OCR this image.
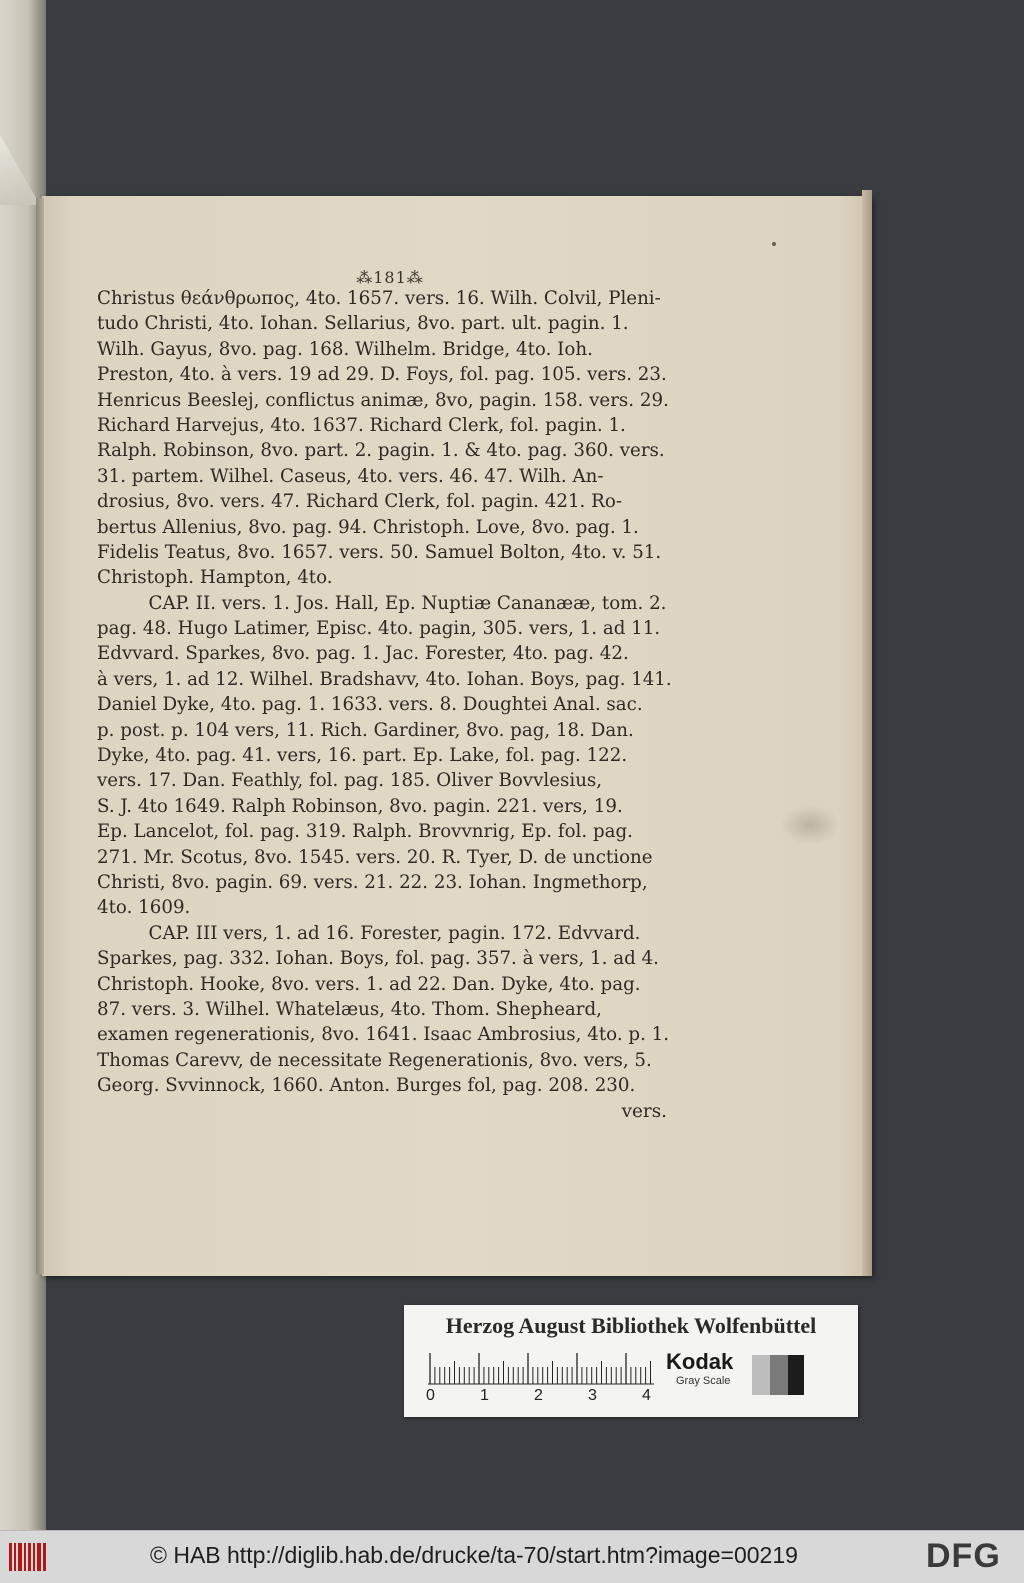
⁂181⁂
Christus θεάνθρωπος, 4to. 1657. vers. 16. Wilh. Colvil, Pleni-
tudo Christi, 4to. Iohan. Sellarius, 8vo. part. ult. pagin. 1.
Wilh. Gayus, 8vo. pag. 168. Wilhelm. Bridge, 4to. Ioh.
Preston, 4to. à vers. 19 ad 29. D. Foys, fol. pag. 105. vers. 23.
Henricus Beeslej, conflictus animæ, 8vo, pagin. 158. vers. 29.
Richard Harvejus, 4to. 1637. Richard Clerk, fol. pagin. 1.
Ralph. Robinson, 8vo. part. 2. pagin. 1. & 4to. pag. 360. vers.
31. partem. Wilhel. Caseus, 4to. vers. 46. 47. Wilh. An-
drosius, 8vo. vers. 47. Richard Clerk, fol. pagin. 421. Ro-
bertus Allenius, 8vo. pag. 94. Christoph. Love, 8vo. pag. 1.
Fidelis Teatus, 8vo. 1657. vers. 50. Samuel Bolton, 4to. v. 51.
Christoph. Hampton, 4to.
CAP. II. vers. 1. Jos. Hall, Ep. Nuptiæ Cananææ, tom. 2.
pag. 48. Hugo Latimer, Episc. 4to. pagin, 305. vers, 1. ad 11.
Edvvard. Sparkes, 8vo. pag. 1. Jac. Forester, 4to. pag. 42.
à vers, 1. ad 12. Wilhel. Bradshavv, 4to. Iohan. Boys, pag. 141.
Daniel Dyke, 4to. pag. 1. 1633. vers. 8. Doughtei Anal. sac.
p. post. p. 104 vers, 11. Rich. Gardiner, 8vo. pag, 18. Dan.
Dyke, 4to. pag. 41. vers, 16. part. Ep. Lake, fol. pag. 122.
vers. 17. Dan. Feathly, fol. pag. 185. Oliver Bovvlesius,
S. J. 4to 1649. Ralph Robinson, 8vo. pagin. 221. vers, 19.
Ep. Lancelot, fol. pag. 319. Ralph. Brovvnrig, Ep. fol. pag.
271. Mr. Scotus, 8vo. 1545. vers. 20. R. Tyer, D. de unctione
Christi, 8vo. pagin. 69. vers. 21. 22. 23. Iohan. Ingmethorp,
4to. 1609.
CAP. III vers, 1. ad 16. Forester, pagin. 172. Edvvard.
Sparkes, pag. 332. Iohan. Boys, fol. pag. 357. à vers, 1. ad 4.
Christoph. Hooke, 8vo. vers. 1. ad 22. Dan. Dyke, 4to. pag.
87. vers. 3. Wilhel. Whatelæus, 4to. Thom. Shepheard,
examen regenerationis, 8vo. 1641. Isaac Ambrosius, 4to. p. 1.
Thomas Carevv, de necessitate Regenerationis, 8vo. vers, 5.
Georg. Svvinnock, 1660. Anton. Burges fol, pag. 208. 230.
vers.
Herzog August Bibliothek Wolfenbüttel
0	1	2	3	4
Kodak
Gray Scale
© HAB http://diglib.hab.de/drucke/ta-70/start.htm?image=00219	DFG
